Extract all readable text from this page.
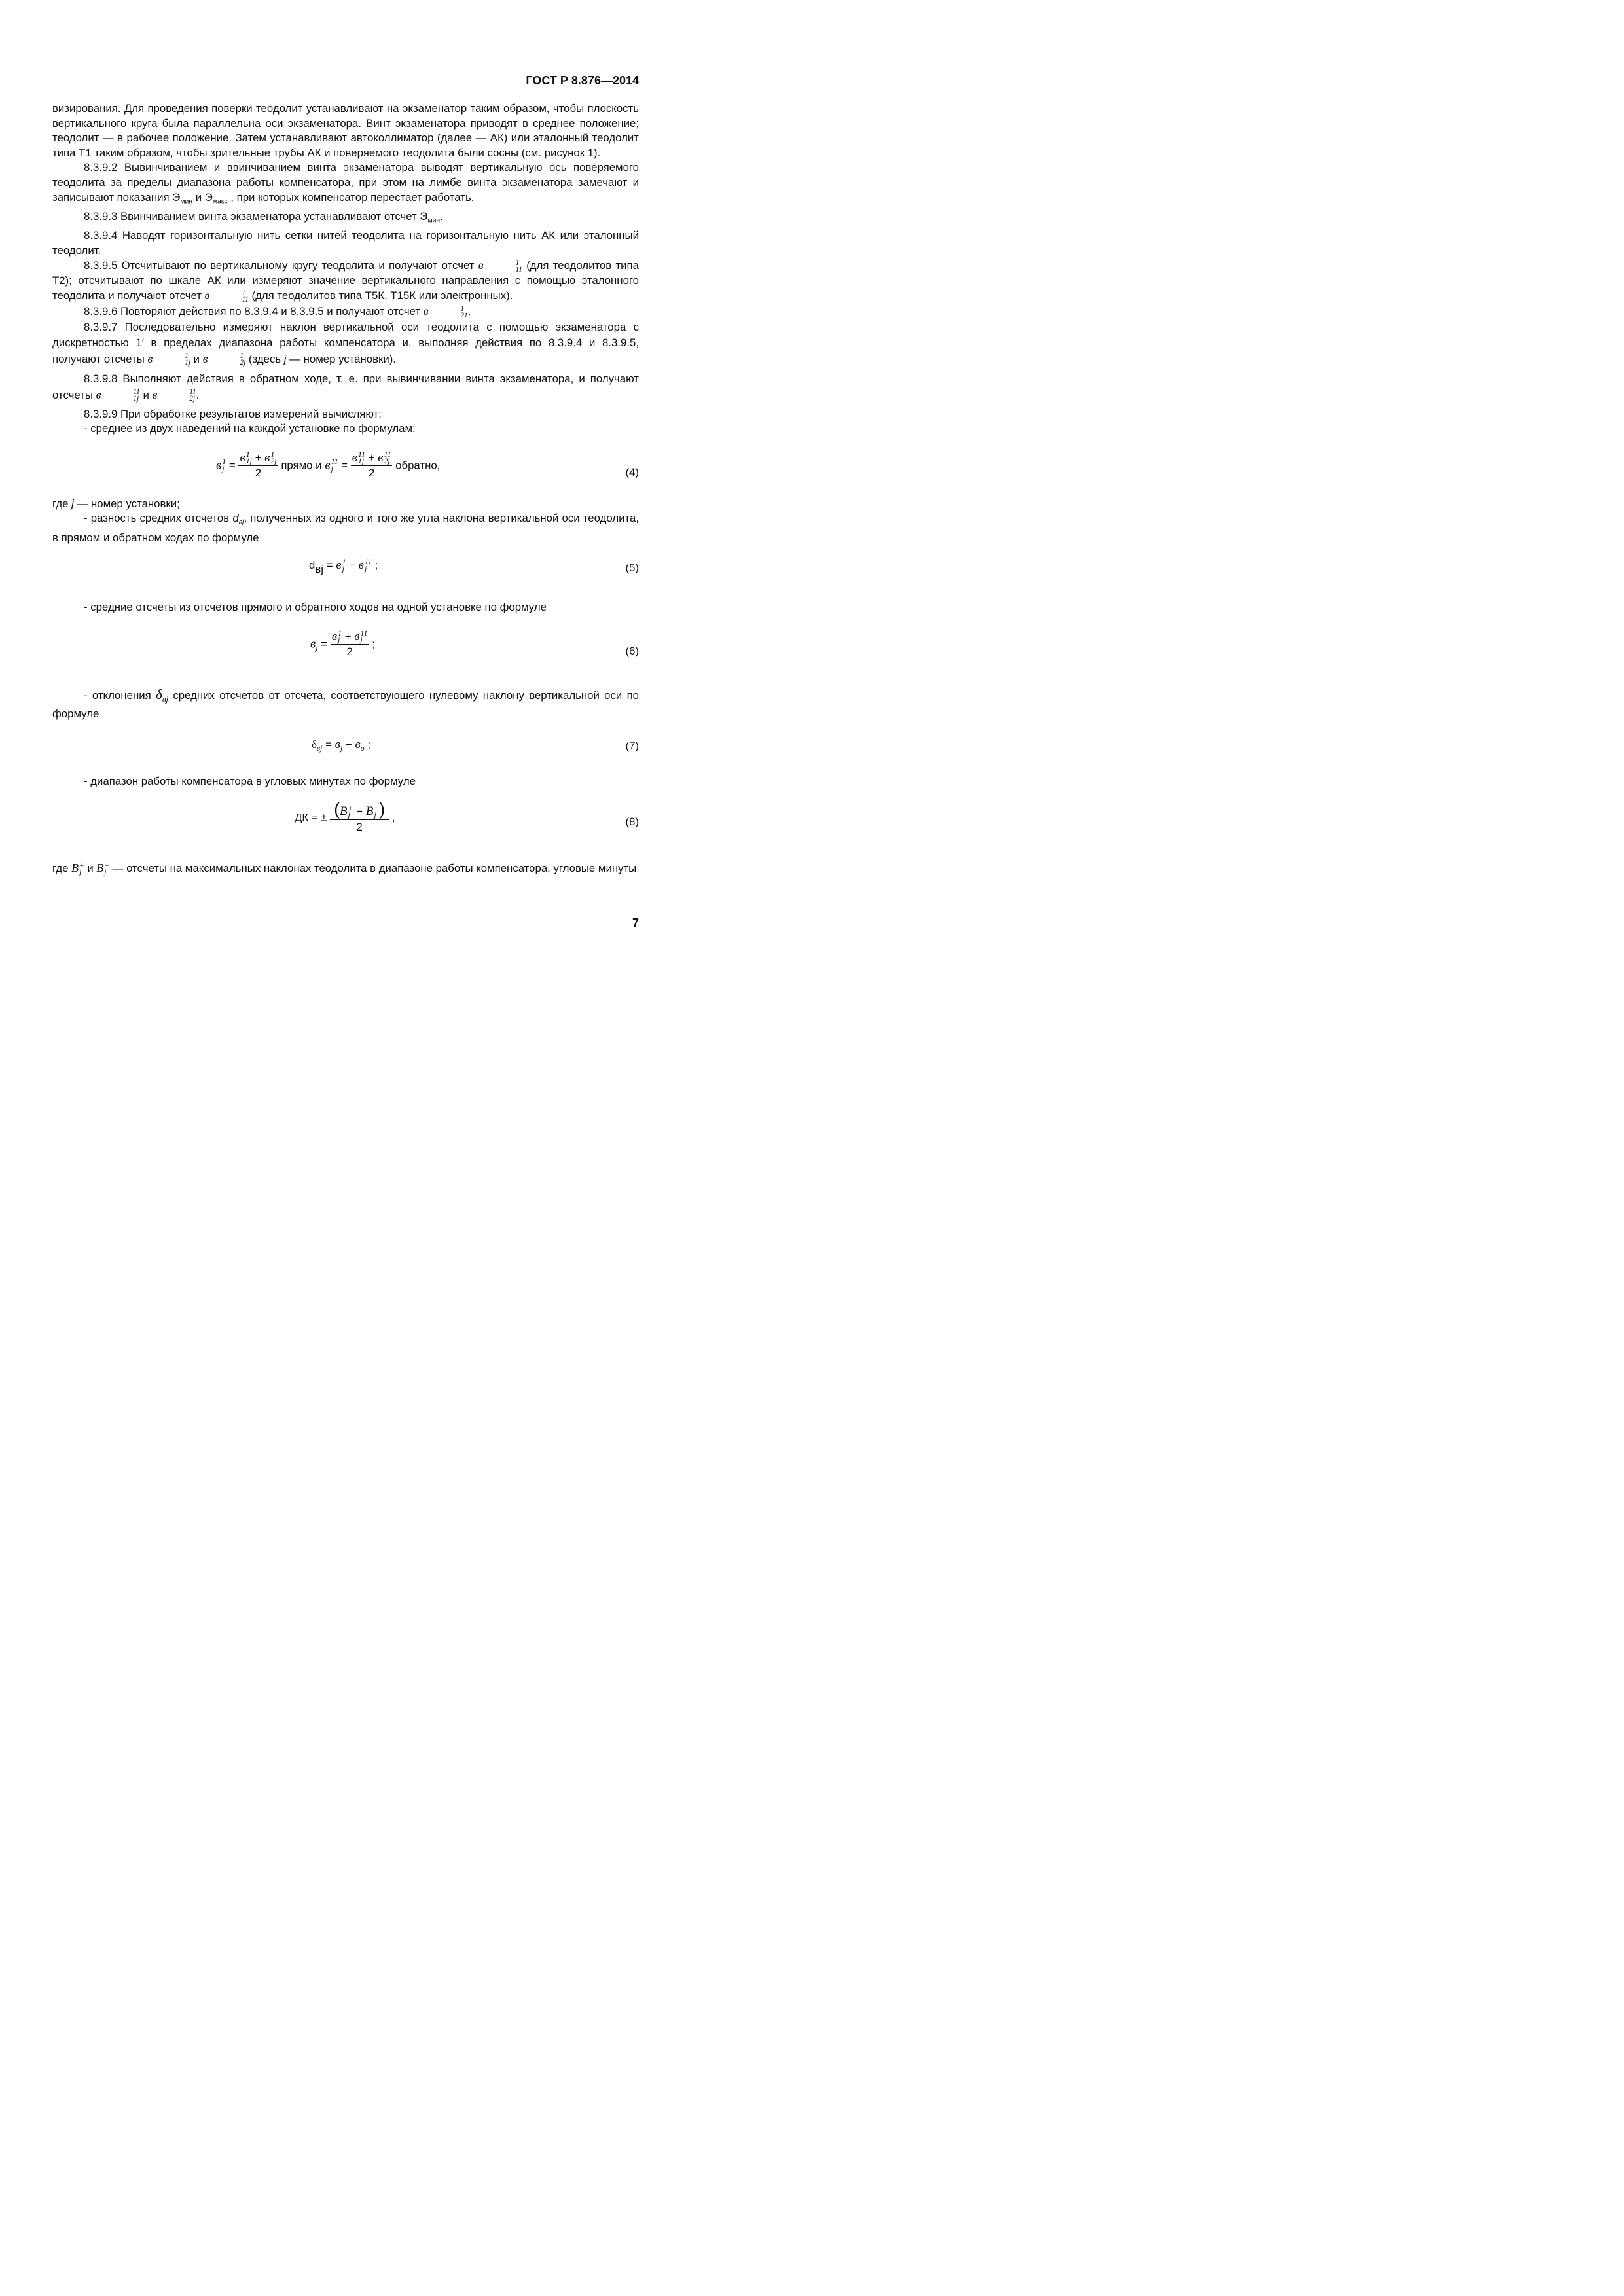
ГОСТ Р 8.876—2014

визирования. Для проведения поверки теодолит устанавливают на экзаменатор таким образом, чтобы плоскость вертикального круга была параллельна оси экзаменатора. Винт экзаменатора приводят в среднее положение; теодолит — в рабочее положение. Затем устанавливают автоколлиматор (далее — АК) или эталонный теодолит типа Т1 таким образом, чтобы зрительные трубы АК и поверяемого теодолита были сосны (см. рисунок 1).

8.3.9.2 Вывинчиванием и ввинчиванием винта экзаменатора выводят вертикальную ось поверяемого теодолита за пределы диапазона работы компенсатора, при этом на лимбе винта экзаменатора замечают и записывают показания $Э_{мин}$ и $Э_{макс}$ , при которых компенсатор перестает работать.

8.3.9.3 Ввинчиванием винта экзаменатора устанавливают отсчет $Э_{мин}$.

8.3.9.4 Наводят горизонтальную нить сетки нитей теодолита на горизонтальную нить АК или эталонный теодолит.

8.3.9.5 Отсчитывают по вертикальному кругу теодолита и получают отсчет в	1
11 (для теодолитов типа Т2); отсчитывают по шкале АК или измеряют значение вертикального направления с помощью эталонного теодолита и получают отсчет в	1
11 (для теодолитов типа Т5К, Т15К или электронных).

8.3.9.6 Повторяют действия по 8.3.9.4 и 8.3.9.5 и получают отсчет в	1
21 .

8.3.9.7 Последовательно измеряют наклон вертикальной оси теодолита с помощью экзаменатора с дискретностью 1′ в пределах диапазона работы компенсатора и, выполняя действия по 8.3.9.4 и 8.3.9.5, получают отсчеты в	1
1j и в	1
2j (здесь j — номер установки).

8.3.9.8 Выполняют действия в обратном ходе, т. е. при вывинчивании винта экзаменатора, и получают отсчеты в	11
1j и в	11
2j .

8.3.9.9 При обработке результатов измерений вычисляют:

- среднее из двух наведений на каждой установке по формулам:

в 1
j = в 1
1j + в 1
2j
2 прямо и в 11
j = в 11
1j + в 11
2j
2 обратно,
(4)

где j — номер установки;

- разность средних отсчетов $d_{вj}$, полученных из одного и того же угла наклона вертикальной оси теодолита, в прямом и обратном ходах по формуле

dвj = в 1
j − в 11
j ;	(5)

- средние отсчеты из отсчетов прямого и обратного ходов на одной установке по формуле

$в_j = в$ 1
j + в 11
j
2 ;
(6)

- отклонения $\delta_{вj}$ средних отсчетов от отсчета, соответствующего нулевому наклону вертикальной оси по формуле

$\delta_{вj} = в_j - в_o$ ;	(7)

- диапазон работы компенсатора в угловых минутах по формуле

ДК = ± (B +
j − B −
j )
2 ,	(8)

где B +
j и B −
j — отсчеты на максимальных наклонах теодолита в диапазоне работы компенсатора, угловые минуты

7
